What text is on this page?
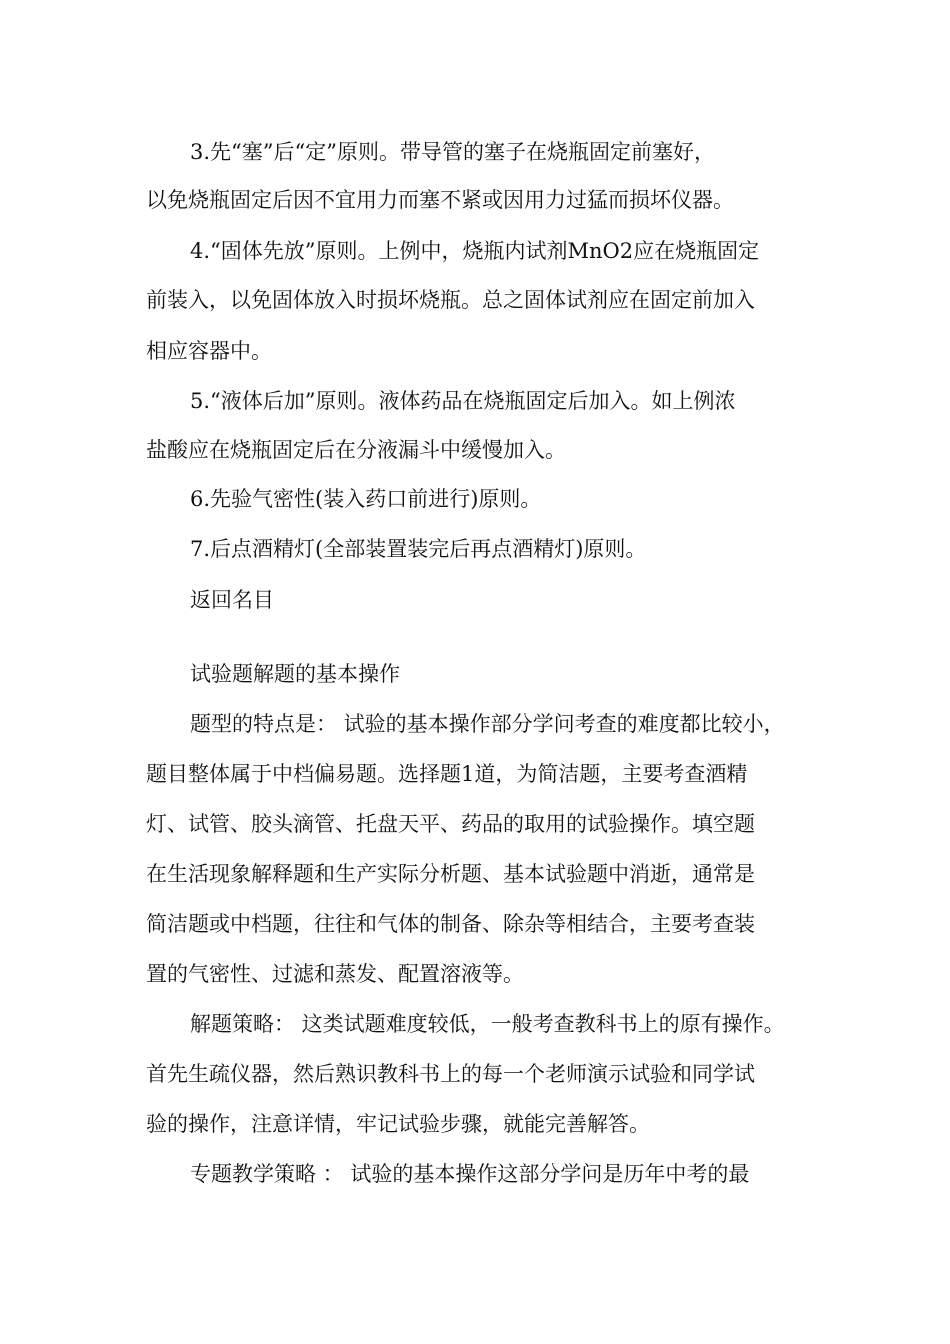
3.先“塞”后“定”原则。带导管的塞子在烧瓶固定前塞好，
以免烧瓶固定后因不宜用力而塞不紧或因用力过猛而损坏仪器。
4.“固体先放”原则。上例中，烧瓶内试剂MnO2应在烧瓶固定
前装入，以免固体放入时损坏烧瓶。总之固体试剂应在固定前加入
相应容器中。
5.“液体后加”原则。液体药品在烧瓶固定后加入。如上例浓
盐酸应在烧瓶固定后在分液漏斗中缓慢加入。
6.先验气密性(装入药口前进行)原则。
7.后点酒精灯(全部装置装完后再点酒精灯)原则。
返回名目
试验题解题的基本操作
题型的特点是： 试验的基本操作部分学问考查的难度都比较小，
题目整体属于中档偏易题。选择题1道，为简洁题，主要考查酒精
灯、试管、胶头滴管、托盘天平、药品的取用的试验操作。填空题
在生活现象解释题和生产实际分析题、基本试验题中消逝，通常是
简洁题或中档题，往往和气体的制备、除杂等相结合，主要考查装
置的气密性、过滤和蒸发、配置溶液等。
解题策略： 这类试题难度较低，一般考查教科书上的原有操作。
首先生疏仪器，然后熟识教科书上的每一个老师演示试验和同学试
验的操作，注意详情，牢记试验步骤，就能完善解答。
专题教学策略 ： 试验的基本操作这部分学问是历年中考的最
